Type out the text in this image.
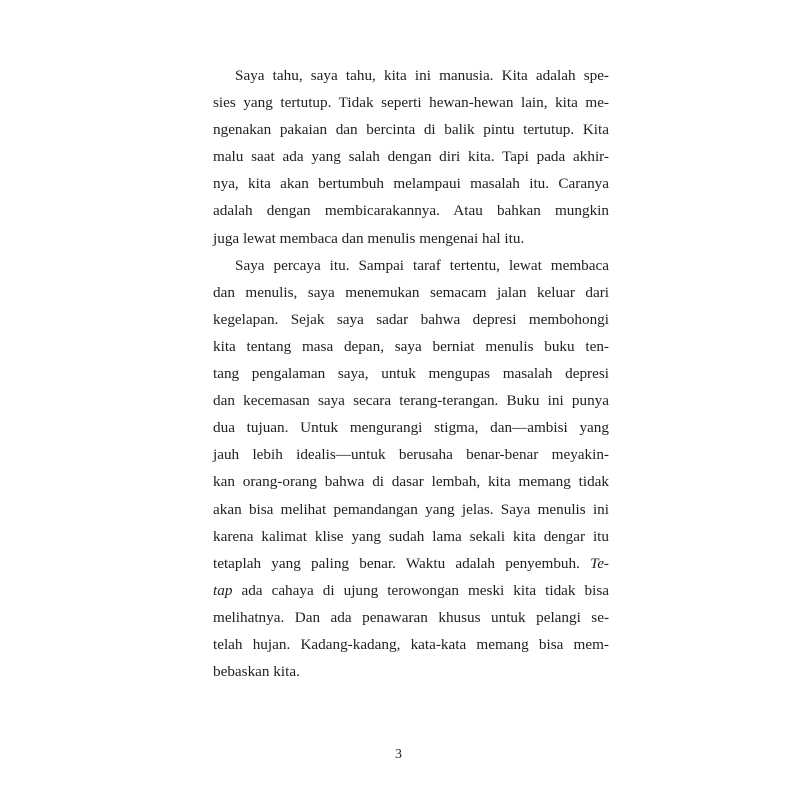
Saya tahu, saya tahu, kita ini manusia. Kita adalah spe-
sies yang tertutup. Tidak seperti hewan-hewan lain, kita me-
ngenakan pakaian dan bercinta di balik pintu tertutup. Kita
malu saat ada yang salah dengan diri kita. Tapi pada akhir-
nya, kita akan bertumbuh melampaui masalah itu. Caranya
adalah dengan membicarakannya. Atau bahkan mungkin
juga lewat membaca dan menulis mengenai hal itu.
Saya percaya itu. Sampai taraf tertentu, lewat membaca
dan menulis, saya menemukan semacam jalan keluar dari
kegelapan. Sejak saya sadar bahwa depresi membohongi
kita tentang masa depan, saya berniat menulis buku ten-
tang pengalaman saya, untuk mengupas masalah depresi
dan kecemasan saya secara terang-terangan. Buku ini punya
dua tujuan. Untuk mengurangi stigma, dan—ambisi yang
jauh lebih idealis—untuk berusaha benar-benar meyakin-
kan orang-orang bahwa di dasar lembah, kita memang tidak
akan bisa melihat pemandangan yang jelas. Saya menulis ini
karena kalimat klise yang sudah lama sekali kita dengar itu
tetaplah yang paling benar. Waktu adalah penyembuh. Te-
tap ada cahaya di ujung terowongan meski kita tidak bisa
melihatnya. Dan ada penawaran khusus untuk pelangi se-
telah hujan. Kadang-kadang, kata-kata memang bisa mem-
bebaskan kita.
3
